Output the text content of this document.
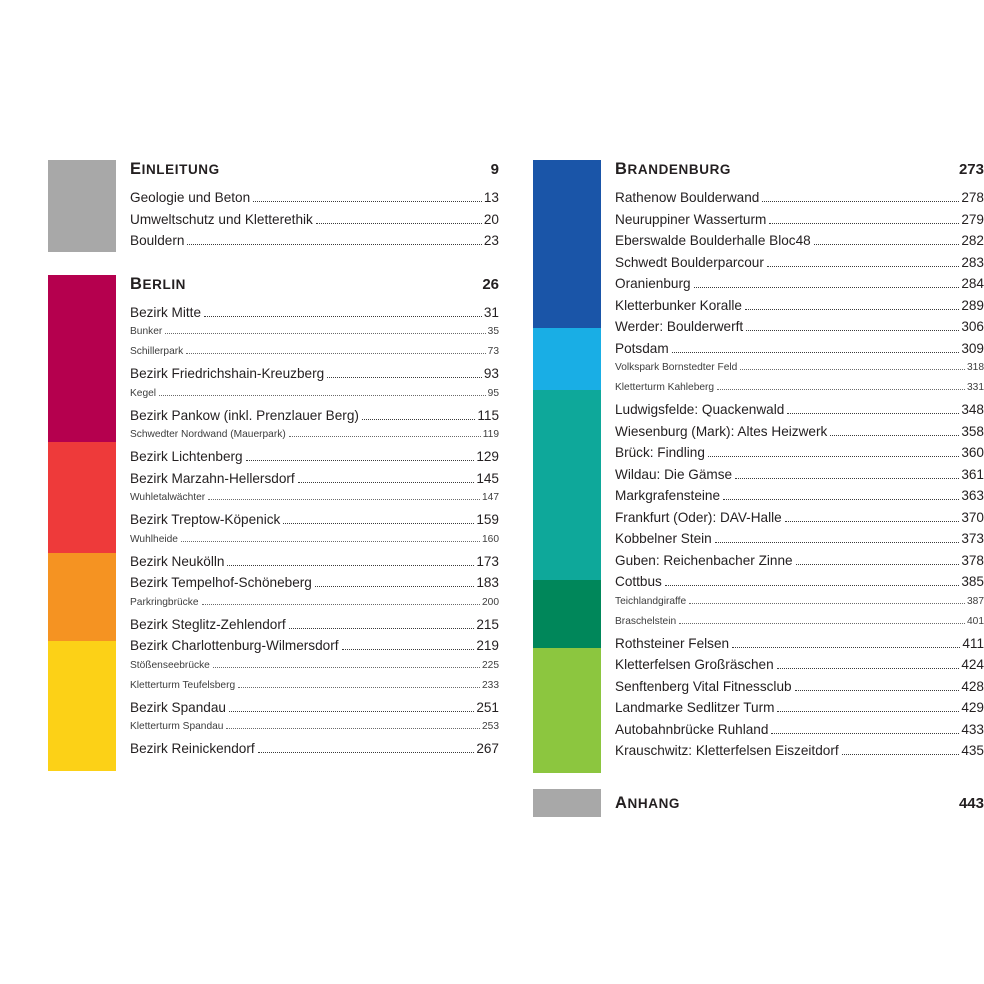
EINLEITUNG	9
Geologie und Beton	13
Umweltschutz und Kletterethik	20
Bouldern	23
BERLIN	26
Bezirk Mitte	31
Bunker	35
Schillerpark	73
Bezirk Friedrichshain-Kreuzberg	93
Kegel	95
Bezirk Pankow (inkl. Prenzlauer Berg)	115
Schwedter Nordwand (Mauerpark)	119
Bezirk Lichtenberg	129
Bezirk Marzahn-Hellersdorf	145
Wuhletalwächter	147
Bezirk Treptow-Köpenick	159
Wuhlheide	160
Bezirk Neukölln	173
Bezirk Tempelhof-Schöneberg	183
Parkringbrücke	200
Bezirk Steglitz-Zehlendorf	215
Bezirk Charlottenburg-Wilmersdorf	219
Stößenseebrücke	225
Kletterturm Teufelsberg	233
Bezirk Spandau	251
Kletterturm Spandau	253
Bezirk Reinickendorf	267
BRANDENBURG	273
Rathenow Boulderwand	278
Neuruppiner Wasserturm	279
Eberswalde Boulderhalle Bloc48	282
Schwedt Boulderparcour	283
Oranienburg	284
Kletterbunker Koralle	289
Werder: Boulderwerft	306
Potsdam	309
Volkspark Bornstedter Feld	318
Kletterturm Kahleberg	331
Ludwigsfelde: Quackenwald	348
Wiesenburg (Mark): Altes Heizwerk	358
Brück: Findling	360
Wildau: Die Gämse	361
Markgrafensteine	363
Frankfurt (Oder): DAV-Halle	370
Kobbelner Stein	373
Guben: Reichenbacher Zinne	378
Cottbus	385
Teichlandgiraffe	387
Braschelstein	401
Rothsteiner Felsen	411
Kletterfelsen Großräschen	424
Senftenberg Vital Fitnessclub	428
Landmarke Sedlitzer Turm	429
Autobahnbrücke Ruhland	433
Krauschwitz: Kletterfelsen Eiszeitdorf	435
ANHANG	443
